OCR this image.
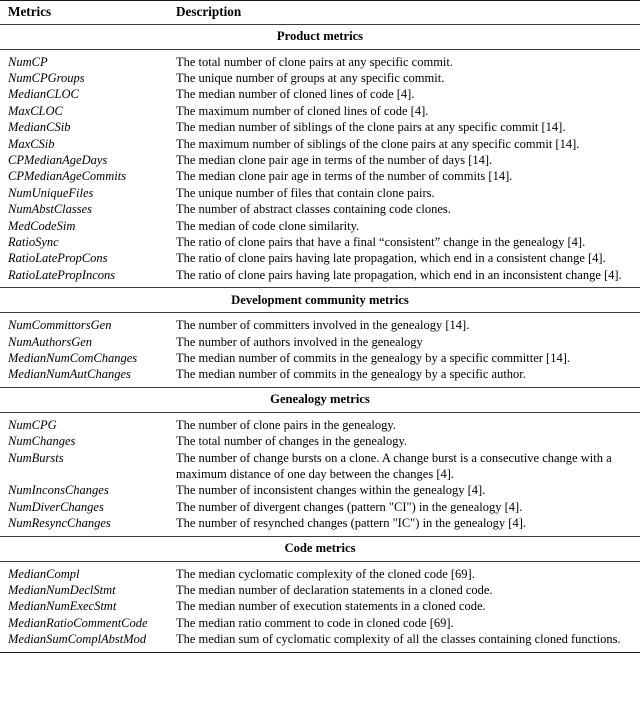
Metrics	Description
Product metrics	
NumCP	The total number of clone pairs at any specific commit.
NumCPGroups	The unique number of groups at any specific commit.
MedianCLOC	The median number of cloned lines of code [4].
MaxCLOC	The maximum number of cloned lines of code [4].
MedianCSib	The median number of siblings of the clone pairs at any specific commit [14].
MaxCSib	The maximum number of siblings of the clone pairs at any specific commit [14].
CPMedianAgeDays	The median clone pair age in terms of the number of days [14].
CPMedianAgeCommits	The median clone pair age in terms of the number of commits [14].
NumUniqueFiles	The unique number of files that contain clone pairs.
NumAbstClasses	The number of abstract classes containing code clones.
MedCodeSim	The median of code clone similarity.
RatioSync	The ratio of clone pairs that have a final “consistent” change in the genealogy [4].
RatioLatePropCons	The ratio of clone pairs having late propagation, which end in a consistent change [4].
RatioLatePropIncons	The ratio of clone pairs having late propagation, which end in an inconsistent change [4].
Development community metrics	
NumCommittorsGen	The number of committers involved in the genealogy [14].
NumAuthorsGen	The number of authors involved in the genealogy
MedianNumComChanges	The median number of commits in the genealogy by a specific committer [14].
MedianNumAutChanges	The median number of commits in the genealogy by a specific author.
Genealogy metrics	
NumCPG	The number of clone pairs in the genealogy.
NumChanges	The total number of changes in the genealogy.
NumBursts	The number of change bursts on a clone. A change burst is a consecutive change with a maximum distance of one day between the changes [4].
NumInconsChanges	The number of inconsistent changes within the genealogy [4].
NumDiverChanges	The number of divergent changes (pattern "CI") in the genealogy [4].
NumResyncChanges	The number of resynched changes (pattern "IC") in the genealogy [4].
Code metrics	
MedianCompl	The median cyclomatic complexity of the cloned code [69].
MedianNumDeclStmt	The median number of declaration statements in a cloned code.
MedianNumExecStmt	The median number of execution statements in a cloned code.
MedianRatioCommentCode	The median ratio comment to code in cloned code [69].
MedianSumComplAbstMod	The median sum of cyclomatic complexity of all the classes containing cloned functions.
